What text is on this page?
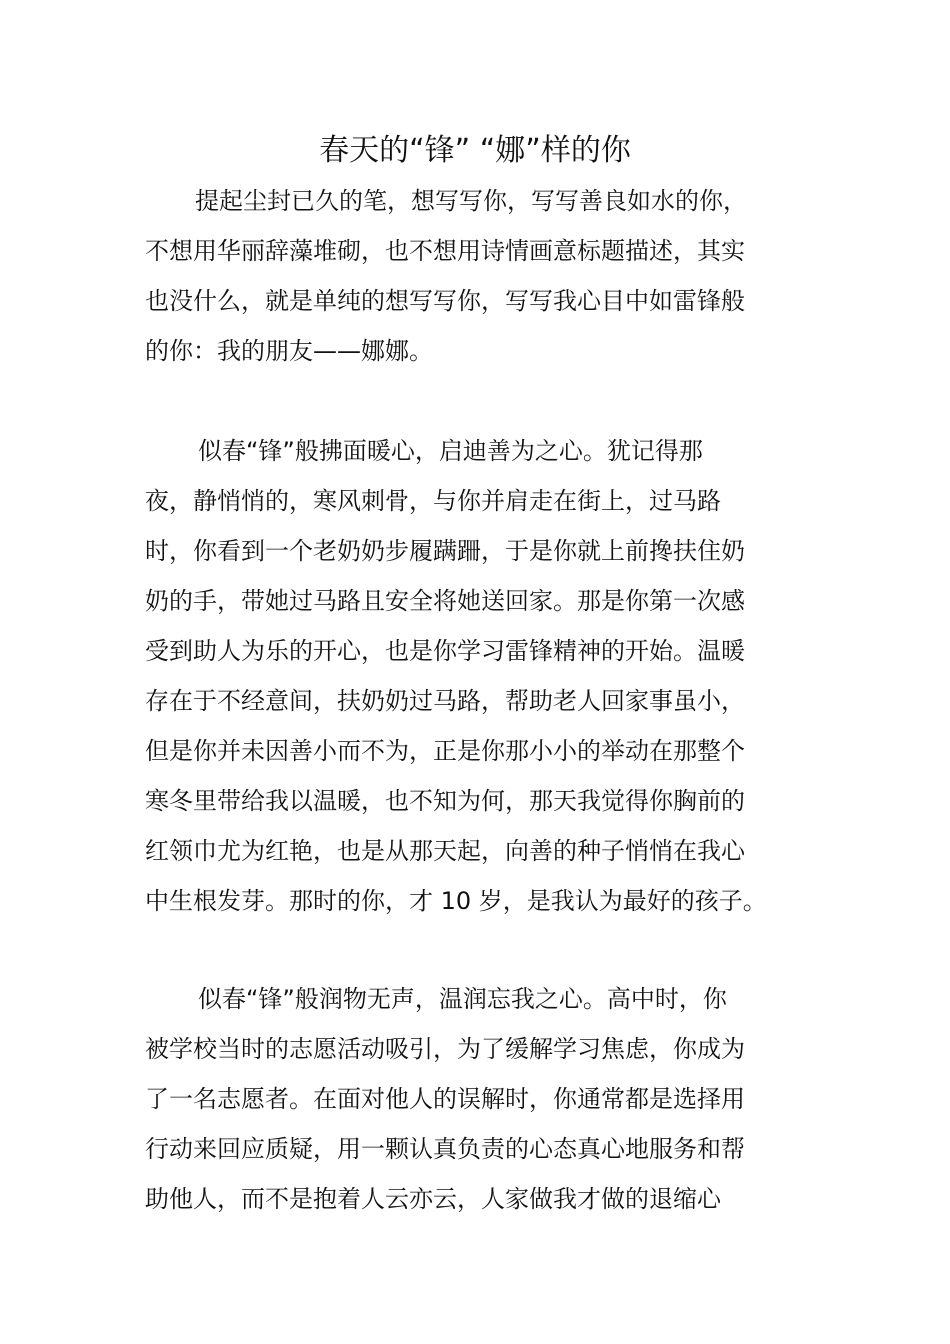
春天的“锋” “娜”样的你

提起尘封已久的笔，想写写你，写写善良如水的你，

不想用华丽辞藻堆砌，也不想用诗情画意标题描述，其实

也没什么，就是单纯的想写写你，写写我心目中如雷锋般

的你：我的朋友——娜娜。

似春“锋”般拂面暖心，启迪善为之心。犹记得那

夜，静悄悄的，寒风刺骨，与你并肩走在街上，过马路

时，你看到一个老奶奶步履蹒跚，于是你就上前搀扶住奶

奶的手，带她过马路且安全将她送回家。那是你第一次感

受到助人为乐的开心，也是你学习雷锋精神的开始。温暖

存在于不经意间，扶奶奶过马路，帮助老人回家事虽小，

但是你并未因善小而不为，正是你那小小的举动在那整个

寒冬里带给我以温暖，也不知为何，那天我觉得你胸前的

红领巾尤为红艳，也是从那天起，向善的种子悄悄在我心

中生根发芽。那时的你，才 10 岁，是我认为最好的孩子。

似春“锋”般润物无声，温润忘我之心。高中时，你

被学校当时的志愿活动吸引，为了缓解学习焦虑，你成为

了一名志愿者。在面对他人的误解时，你通常都是选择用

行动来回应质疑，用一颗认真负责的心态真心地服务和帮

助他人，而不是抱着人云亦云，人家做我才做的退缩心
